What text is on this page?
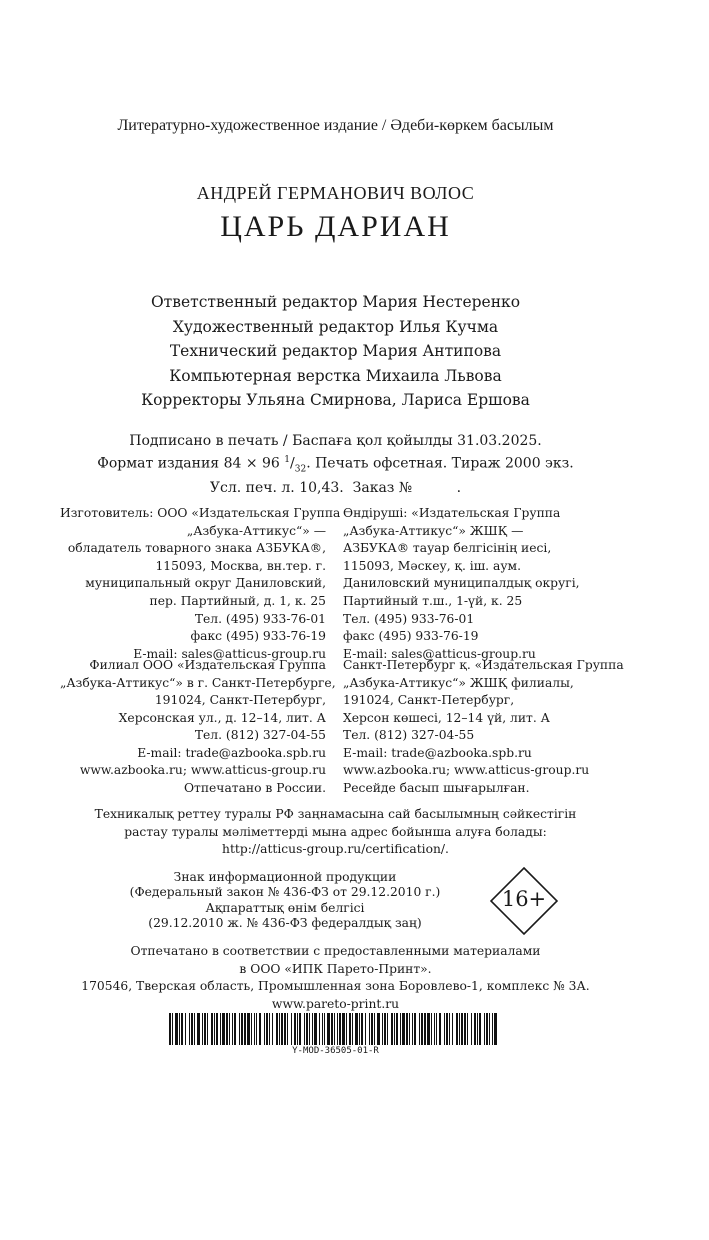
Литературно-художественное издание / Әдеби-көркем басылым
АНДРЕЙ ГЕРМАНОВИЧ ВОЛОС
ЦАРЬ ДАРИАН
Ответственный редактор Мария Нестеренко
Художественный редактор Илья Кучма
Технический редактор Мария Антипова
Компьютерная верстка Михаила Львова
Корректоры Ульяна Смирнова, Лариса Ершова
Подписано в печать / Баспаға қол қойылды 31.03.2025.
Формат издания 84 × 96 $^1/_{32}$. Печать офсетная. Тираж 2000 экз.
Усл. печ. л. 10,43.  Заказ №          .
Изготовитель: ООО «Издательская Группа
„Азбука-Аттикус“» —
обладатель товарного знака АЗБУКА®,
115093, Москва, вн.тер. г.
муниципальный округ Даниловский,
пер. Партийный, д. 1, к. 25
Тел. (495) 933-76-01
факс (495) 933-76-19
E-mail: sales@atticus-group.ru
Өндіруші: «Издательская Группа
„Азбука-Аттикус“» ЖШҚ —
АЗБУКА® тауар белгісінің иесі,
115093, Мәскеу, қ. іш. аум.
Даниловский муниципалдық округі,
Партийный т.ш., 1-үй, к. 25
Тел. (495) 933-76-01
факс (495) 933-76-19
E-mail: sales@atticus-group.ru
Филиал ООО «Издательская Группа
„Азбука-Аттикус“» в г. Санкт-Петербурге,
191024, Санкт-Петербург,
Херсонская ул., д. 12–14, лит. А
Тел. (812) 327-04-55
E-mail: trade@azbooka.spb.ru
Санкт-Петербург қ. «Издательская Группа
„Азбука-Аттикус“» ЖШҚ филиалы,
191024, Санкт-Петербург,
Херсон көшесі, 12–14 үй, лит. А
Тел. (812) 327-04-55
E-mail: trade@azbooka.spb.ru
www.azbooka.ru; www.atticus-group.ru
Отпечатано в России.
www.azbooka.ru; www.atticus-group.ru
Ресейде басып шығарылған.
Техникалық реттеу туралы РФ заңнамасына сай басылымның сәйкестігін
растау туралы мәліметтерді мына адрес бойынша алуға болады:
http://atticus-group.ru/certification/.
Знак информационной продукции
(Федеральный закон № 436-ФЗ от 29.12.2010 г.)
Ақпараттық өнім белгісі
(29.12.2010 ж. № 436-ФЗ федералдық заң)
16+
Отпечатано в соответствии с предоставленными материалами
в ООО «ИПК Парето-Принт».
170546, Тверская область, Промышленная зона Боровлево-1, комплекс № 3А.
www.pareto-print.ru
Y-MOD-36505-01-R
